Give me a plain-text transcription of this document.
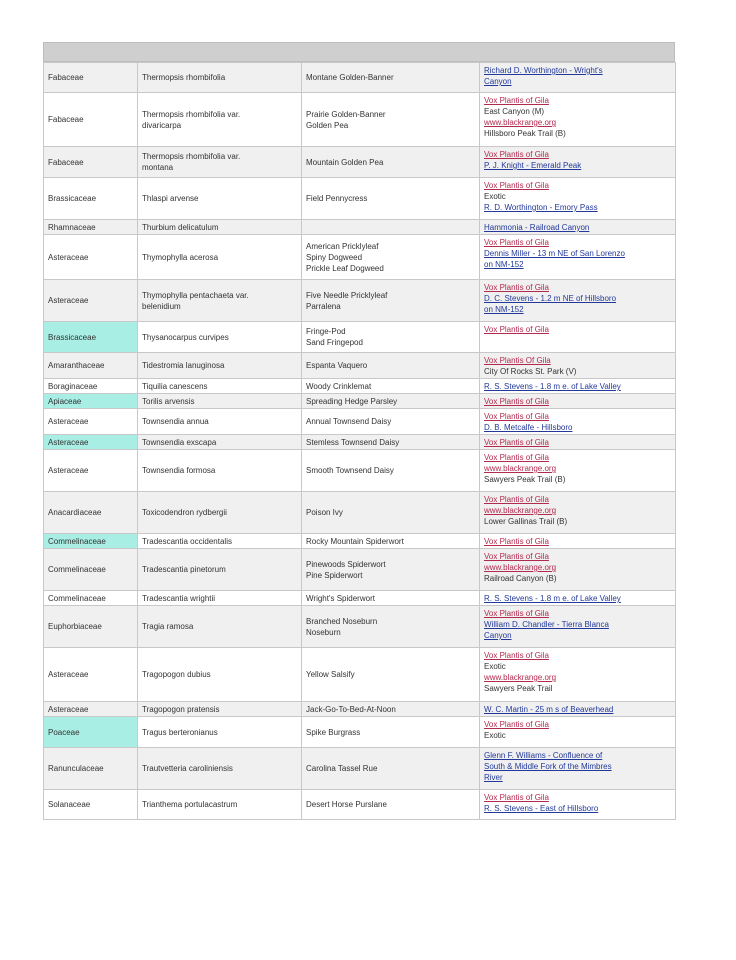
Fabaceae	Thermopsis rhombifolia	Montane Golden-Banner	Richard D. Worthington - Wright's
Canyon

Fabaceae	Thermopsis rhombifolia var.
divaricarpa	Prairie Golden-Banner
Golden Pea	Vox Plantis of Gila
East Canyon (M)
www.blackrange.org
Hillsboro Peak Trail (B)

Fabaceae	Thermopsis rhombifolia var.
montana	Mountain Golden Pea	Vox Plantis of Gila
P. J. Knight - Emerald Peak

Brassicaceae	Thlaspi arvense	Field Pennycress	Vox Plantis of Gila
Exotic
R. D. Worthington - Emory Pass

Rhamnaceae	Thurbium delicatulum		Hammonia - Railroad Canyon

Asteraceae	Thymophylla acerosa	American Pricklyleaf
Spiny Dogweed
Prickle Leaf Dogweed	Vox Plantis of Gila
Dennis Miller - 13 m NE of San Lorenzo
on NM-152

Asteraceae	Thymophylla pentachaeta var.
belenidium	Five Needle Pricklyleaf
Parralena	Vox Plantis of Gila
D. C. Stevens - 1.2 m NE of Hillsboro
on NM-152

Brassicaceae	Thysanocarpus curvipes	Fringe-Pod
Sand Fringepod	Vox Plantis of Gila

Amaranthaceae	Tidestromia lanuginosa	Espanta Vaquero	Vox Plantis Of Gila
City Of Rocks St. Park (V)

Boraginaceae	Tiquilia canescens	Woody Crinklemat	R. S. Stevens - 1.8 m e. of Lake Valley

Apiaceae	Torilis arvensis	Spreading Hedge Parsley	Vox Plantis of Gila

Asteraceae	Townsendia annua	Annual Townsend Daisy	Vox Plantis of Gila
D. B. Metcalfe - Hillsboro

Asteraceae	Townsendia exscapa	Stemless Townsend Daisy	Vox Plantis of Gila

Asteraceae	Townsendia formosa	Smooth Townsend Daisy	Vox Plantis of Gila
www.blackrange.org
Sawyers Peak Trail (B)

Anacardiaceae	Toxicodendron rydbergii	Poison Ivy	Vox Plantis of Gila
www.blackrange.org
Lower Gallinas Trail (B)

Commelinaceae	Tradescantia occidentalis	Rocky Mountain Spiderwort	Vox Plantis of Gila

Commelinaceae	Tradescantia pinetorum	Pinewoods Spiderwort
Pine Spiderwort	Vox Plantis of Gila
www.blackrange.org
Railroad Canyon (B)

Commelinaceae	Tradescantia wrightii	Wright's Spiderwort	R. S. Stevens - 1.8 m e. of Lake Valley

Euphorbiaceae	Tragia ramosa	Branched Noseburn
Noseburn	Vox Plantis of Gila
William D. Chandler - Tierra Blanca
Canyon

Asteraceae	Tragopogon dubius	Yellow Salsify	Vox Plantis of Gila
Exotic
www.blackrange.org
Sawyers Peak Trail

Asteraceae	Tragopogon pratensis	Jack-Go-To-Bed-At-Noon	W. C. Martin - 25 m s of Beaverhead

Poaceae	Tragus berteronianus	Spike Burgrass	Vox Plantis of Gila
Exotic

Ranunculaceae	Trautvetteria caroliniensis	Carolina Tassel Rue	Glenn F. Williams - Confluence of
South & Middle Fork of the Mimbres
River

Solanaceae	Trianthema portulacastrum	Desert Horse Purslane	Vox Plantis of Gila
R. S. Stevens - East of Hillsboro
